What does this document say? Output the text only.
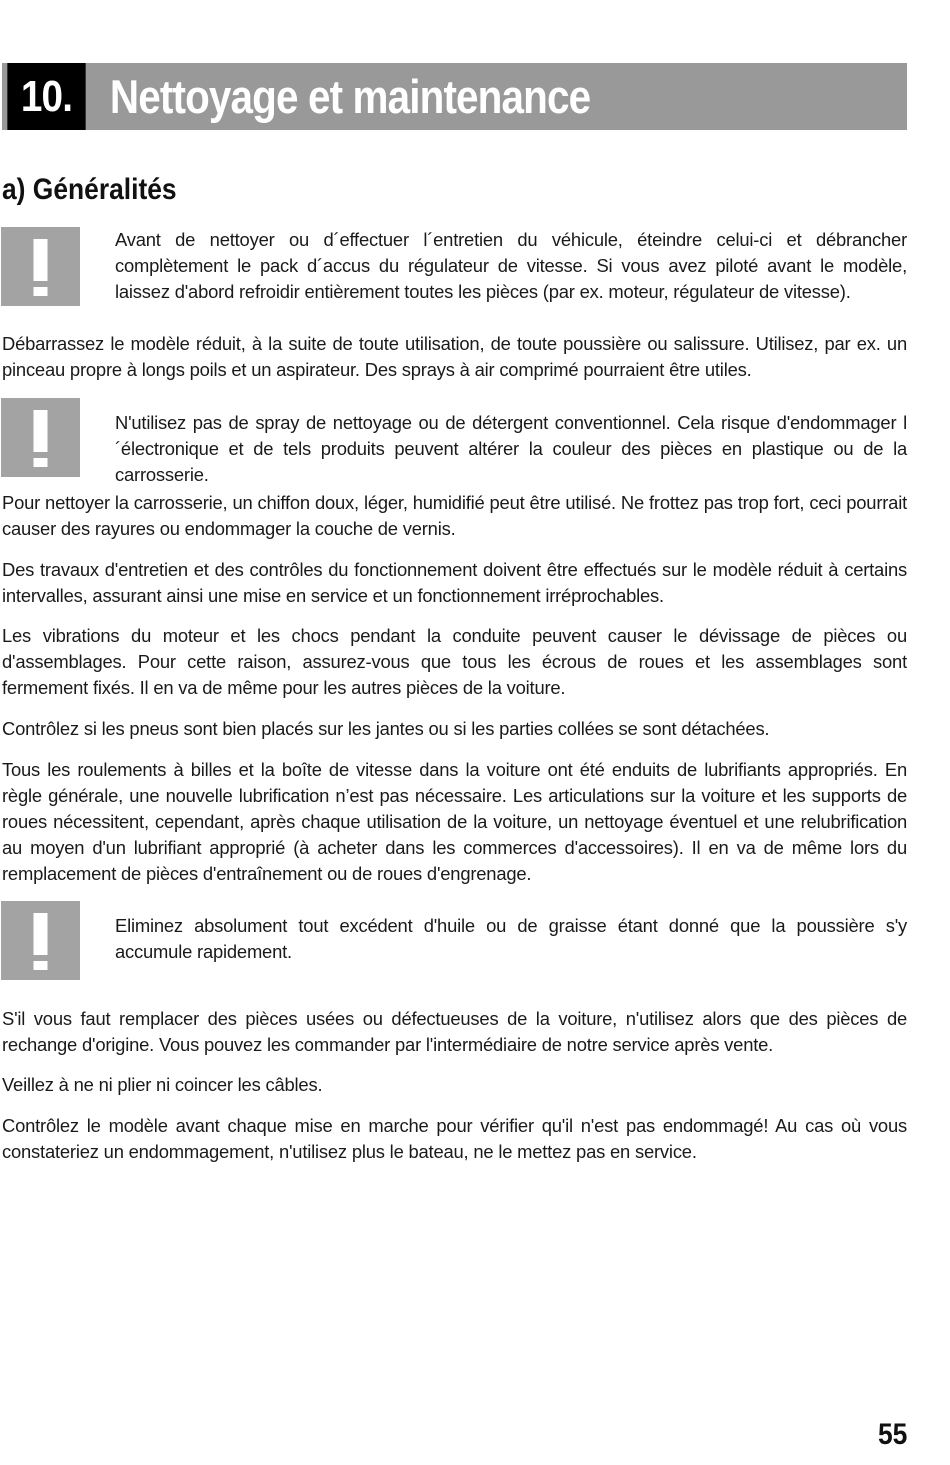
10. Nettoyage et maintenance
a) Généralités

Avant de nettoyer ou d´effectuer l´entretien du véhicule, éteindre celui-ci et débrancher complètement le pack d´accus du régulateur de vitesse. Si vous avez piloté avant le modèle, laissez d'abord refroidir entièrement toutes les pièces (par ex. moteur, régulateur de vitesse).

Débarrassez le modèle réduit, à la suite de toute utilisation, de toute poussière ou salissure. Utilisez, par ex. un pinceau propre à longs poils et un aspirateur. Des sprays à air comprimé pourraient être utiles.

N'utilisez pas de spray de nettoyage ou de détergent conventionnel. Cela risque d'endommager l´électronique et de tels produits peuvent altérer la couleur des pièces en plastique ou de la carrosserie.

Pour nettoyer la carrosserie, un chiffon doux, léger, humidifié peut être utilisé. Ne frottez pas trop fort, ceci pourrait causer des rayures ou endommager la couche de vernis.

Des travaux d'entretien et des contrôles du fonctionnement doivent être effectués sur le modèle réduit à certains intervalles, assurant ainsi une mise en service et un fonctionnement irréprochables.

Les vibrations du moteur et les chocs pendant la conduite peuvent causer le dévissage de pièces ou d'assemblages. Pour cette raison, assurez-vous que tous les écrous de roues et les assemblages sont fermement fixés. Il en va de même pour les autres pièces de la voiture.

Contrôlez si les pneus sont bien placés sur les jantes ou si les parties collées se sont détachées.

Tous les roulements à billes et la boîte de vitesse dans la voiture ont été enduits de lubrifiants appropriés. En règle générale, une nouvelle lubrification n’est pas nécessaire. Les articulations sur la voiture et les supports de roues nécessitent, cependant, après chaque utilisation de la voiture, un nettoyage éventuel et une relubrification au moyen d'un lubrifiant approprié (à acheter dans les commerces d'accessoires). Il en va de même lors du remplacement de pièces d'entraînement ou de roues d'engrenage.

Eliminez absolument tout excédent d'huile ou de graisse étant donné que la poussière s'y accumule rapidement.

S'il vous faut remplacer des pièces usées ou défectueuses de la voiture, n'utilisez alors que des pièces de rechange d'origine. Vous pouvez les commander par l'intermédiaire de notre service après vente.

Veillez à ne ni plier ni coincer les câbles.

Contrôlez le modèle avant chaque mise en marche pour vérifier qu'il n'est pas endommagé! Au cas où vous constateriez un endommagement, n'utilisez plus le bateau, ne le mettez pas en service.

55
